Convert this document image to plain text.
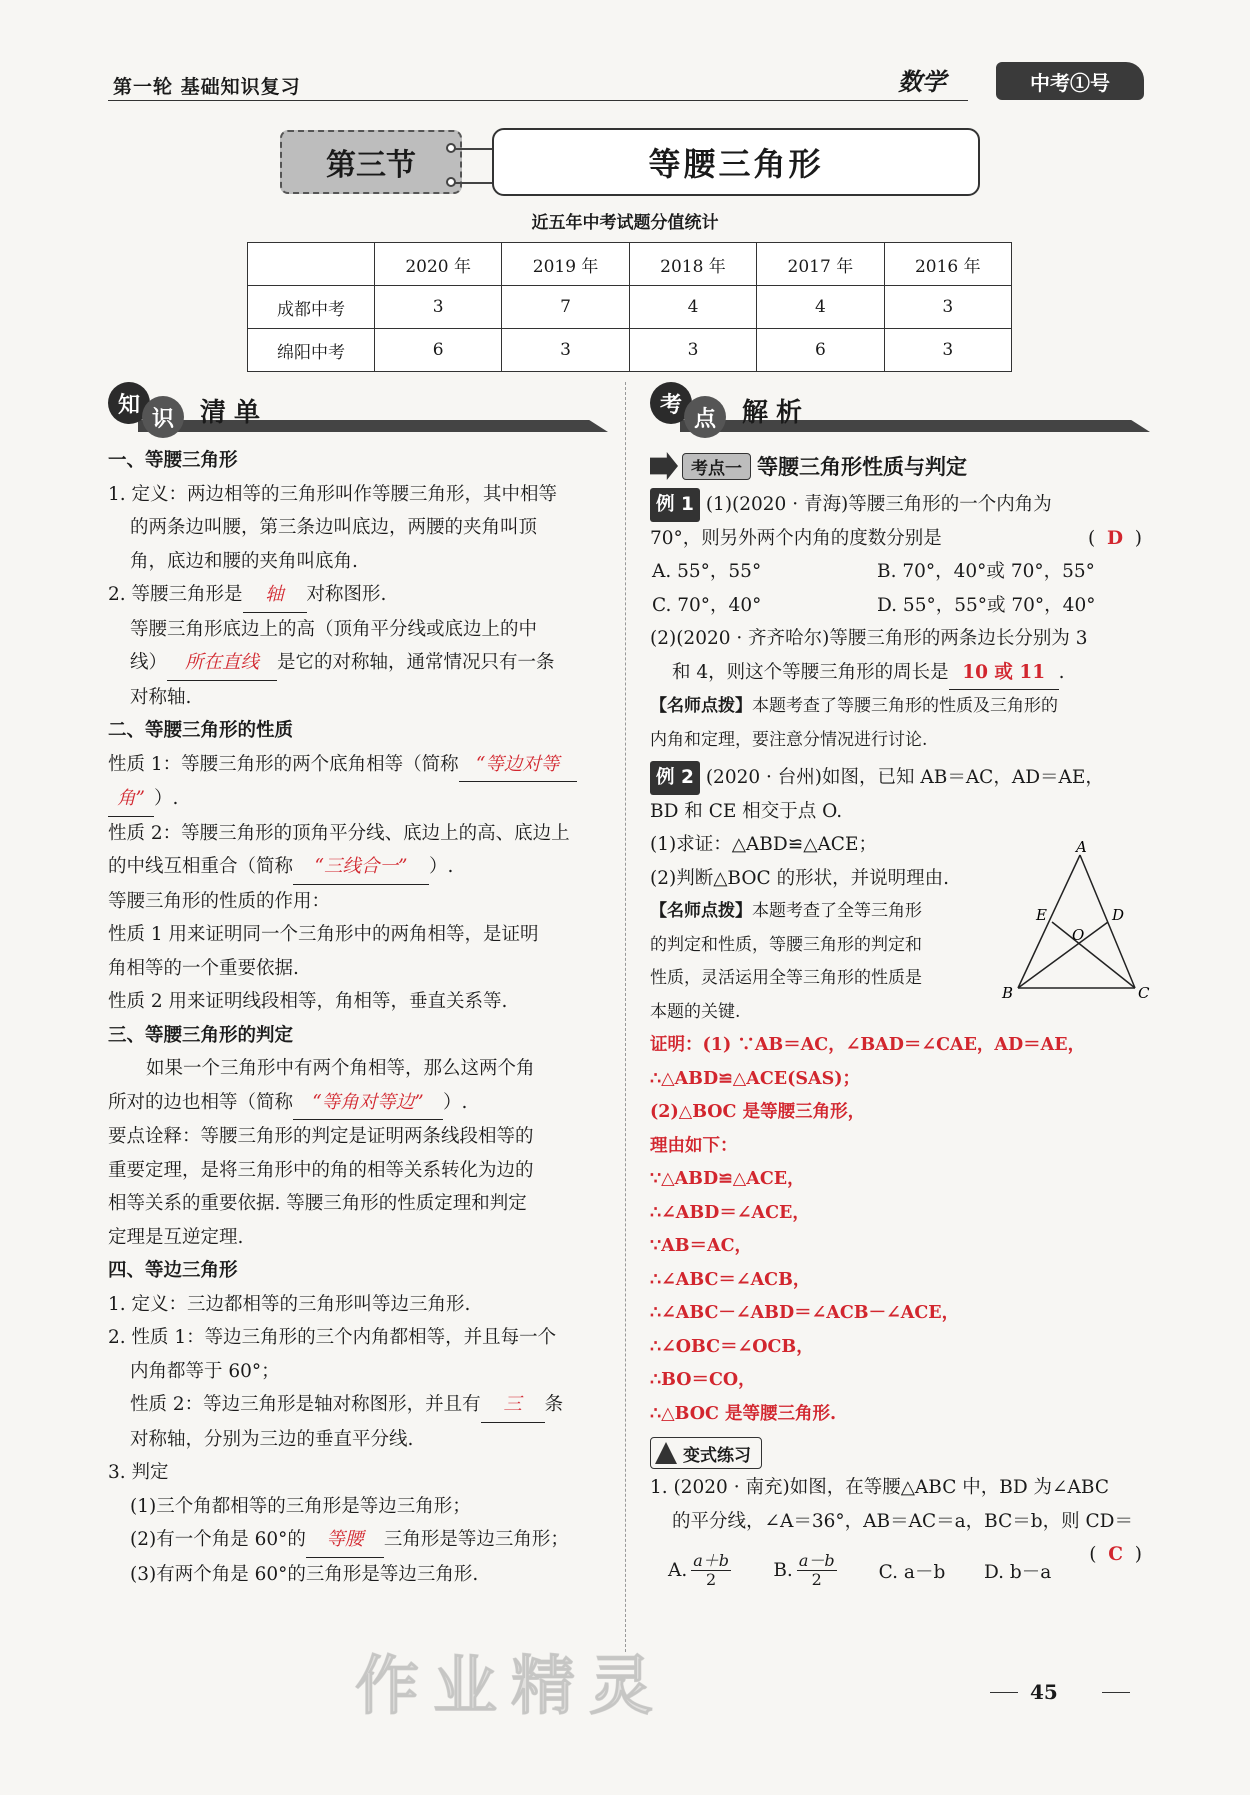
第一轮 基础知识复习	数学	中考①号
第三节	等腰三角形
近五年中考试题分值统计
	2020 年	2019 年	2018 年	2017 年	2016 年
成都中考	3	7	4	4	3
绵阳中考	6	3	3	6	3
知
识	清单
一、等腰三角形
1. 定义：两边相等的三角形叫作等腰三角形，其中相等
的两条边叫腰，第三条边叫底边，两腰的夹角叫顶
角，底边和腰的夹角叫底角.
2. 等腰三角形是 轴 对称图形.
等腰三角形底边上的高（顶角平分线或底边上的中
线） 所在直线 是它的对称轴，通常情况只有一条
对称轴.
二、等腰三角形的性质
性质 1：等腰三角形的两个底角相等（简称 “等边对等
角” ）.
性质 2：等腰三角形的顶角平分线、底边上的高、底边上
的中线互相重合（简称 “三线合一” ）.
等腰三角形的性质的作用：
性质 1 用来证明同一个三角形中的两角相等，是证明
角相等的一个重要依据.
性质 2 用来证明线段相等，角相等，垂直关系等.
三、等腰三角形的判定
如果一个三角形中有两个角相等，那么这两个角
所对的边也相等（简称 “等角对等边” ）.
要点诠释：等腰三角形的判定是证明两条线段相等的
重要定理，是将三角形中的角的相等关系转化为边的
相等关系的重要依据. 等腰三角形的性质定理和判定
定理是互逆定理.
四、等边三角形
1. 定义：三边都相等的三角形叫等边三角形.
2. 性质 1：等边三角形的三个内角都相等，并且每一个
内角都等于 60°；
性质 2：等边三角形是轴对称图形，并且有 三 条
对称轴，分别为三边的垂直平分线.
3. 判定
(1)三个角都相等的三角形是等边三角形；
(2)有一个角是 60°的 等腰 三角形是等边三角形；
(3)有两个角是 60°的三角形是等边三角形.
考
点	解析
考点一 等腰三角形性质与判定
例 1 (1)(2020 · 青海)等腰三角形的一个内角为
70°，则另外两个内角的度数分别是	(  D  )
A. 55°，55°	B. 70°，40°或 70°，55°
C. 70°，40°	D. 55°，55°或 70°，40°
(2)(2020 · 齐齐哈尔)等腰三角形的两条边长分别为 3
和 4，则这个等腰三角形的周长是 10 或 11 .
【名师点拨】本题考查了等腰三角形的性质及三角形的
内角和定理，要注意分情况进行讨论.
例 2 (2020 · 台州)如图，已知 AB＝AC，AD＝AE，
BD 和 CE 相交于点 O.
(1)求证：△ABD≌△ACE；
(2)判断△BOC 的形状，并说明理由.
【名师点拨】本题考查了全等三角形
的判定和性质，等腰三角形的判定和
性质，灵活运用全等三角形的性质是
本题的关键.
证明：(1) ∵AB＝AC，∠BAD＝∠CAE，AD＝AE，
∴△ABD≌△ACE(SAS)；
(2)△BOC 是等腰三角形，
理由如下：
∵△ABD≌△ACE，
∴∠ABD＝∠ACE，
∵AB＝AC，
∴∠ABC＝∠ACB，
∴∠ABC－∠ABD＝∠ACB－∠ACE，
∴∠OBC＝∠OCB，
∴BO＝CO，
∴△BOC 是等腰三角形.
变式练习
1. (2020 · 南充)如图，在等腰△ABC 中，BD 为∠ABC
的平分线，∠A＝36°，AB＝AC＝a，BC＝b，则 CD＝
(  C  )
A. $\frac{a+b}{2} B$. $\frac{a-b}{2} C$. a－b	D. b－a
A
B	C
D
E
O
作业精灵	45
